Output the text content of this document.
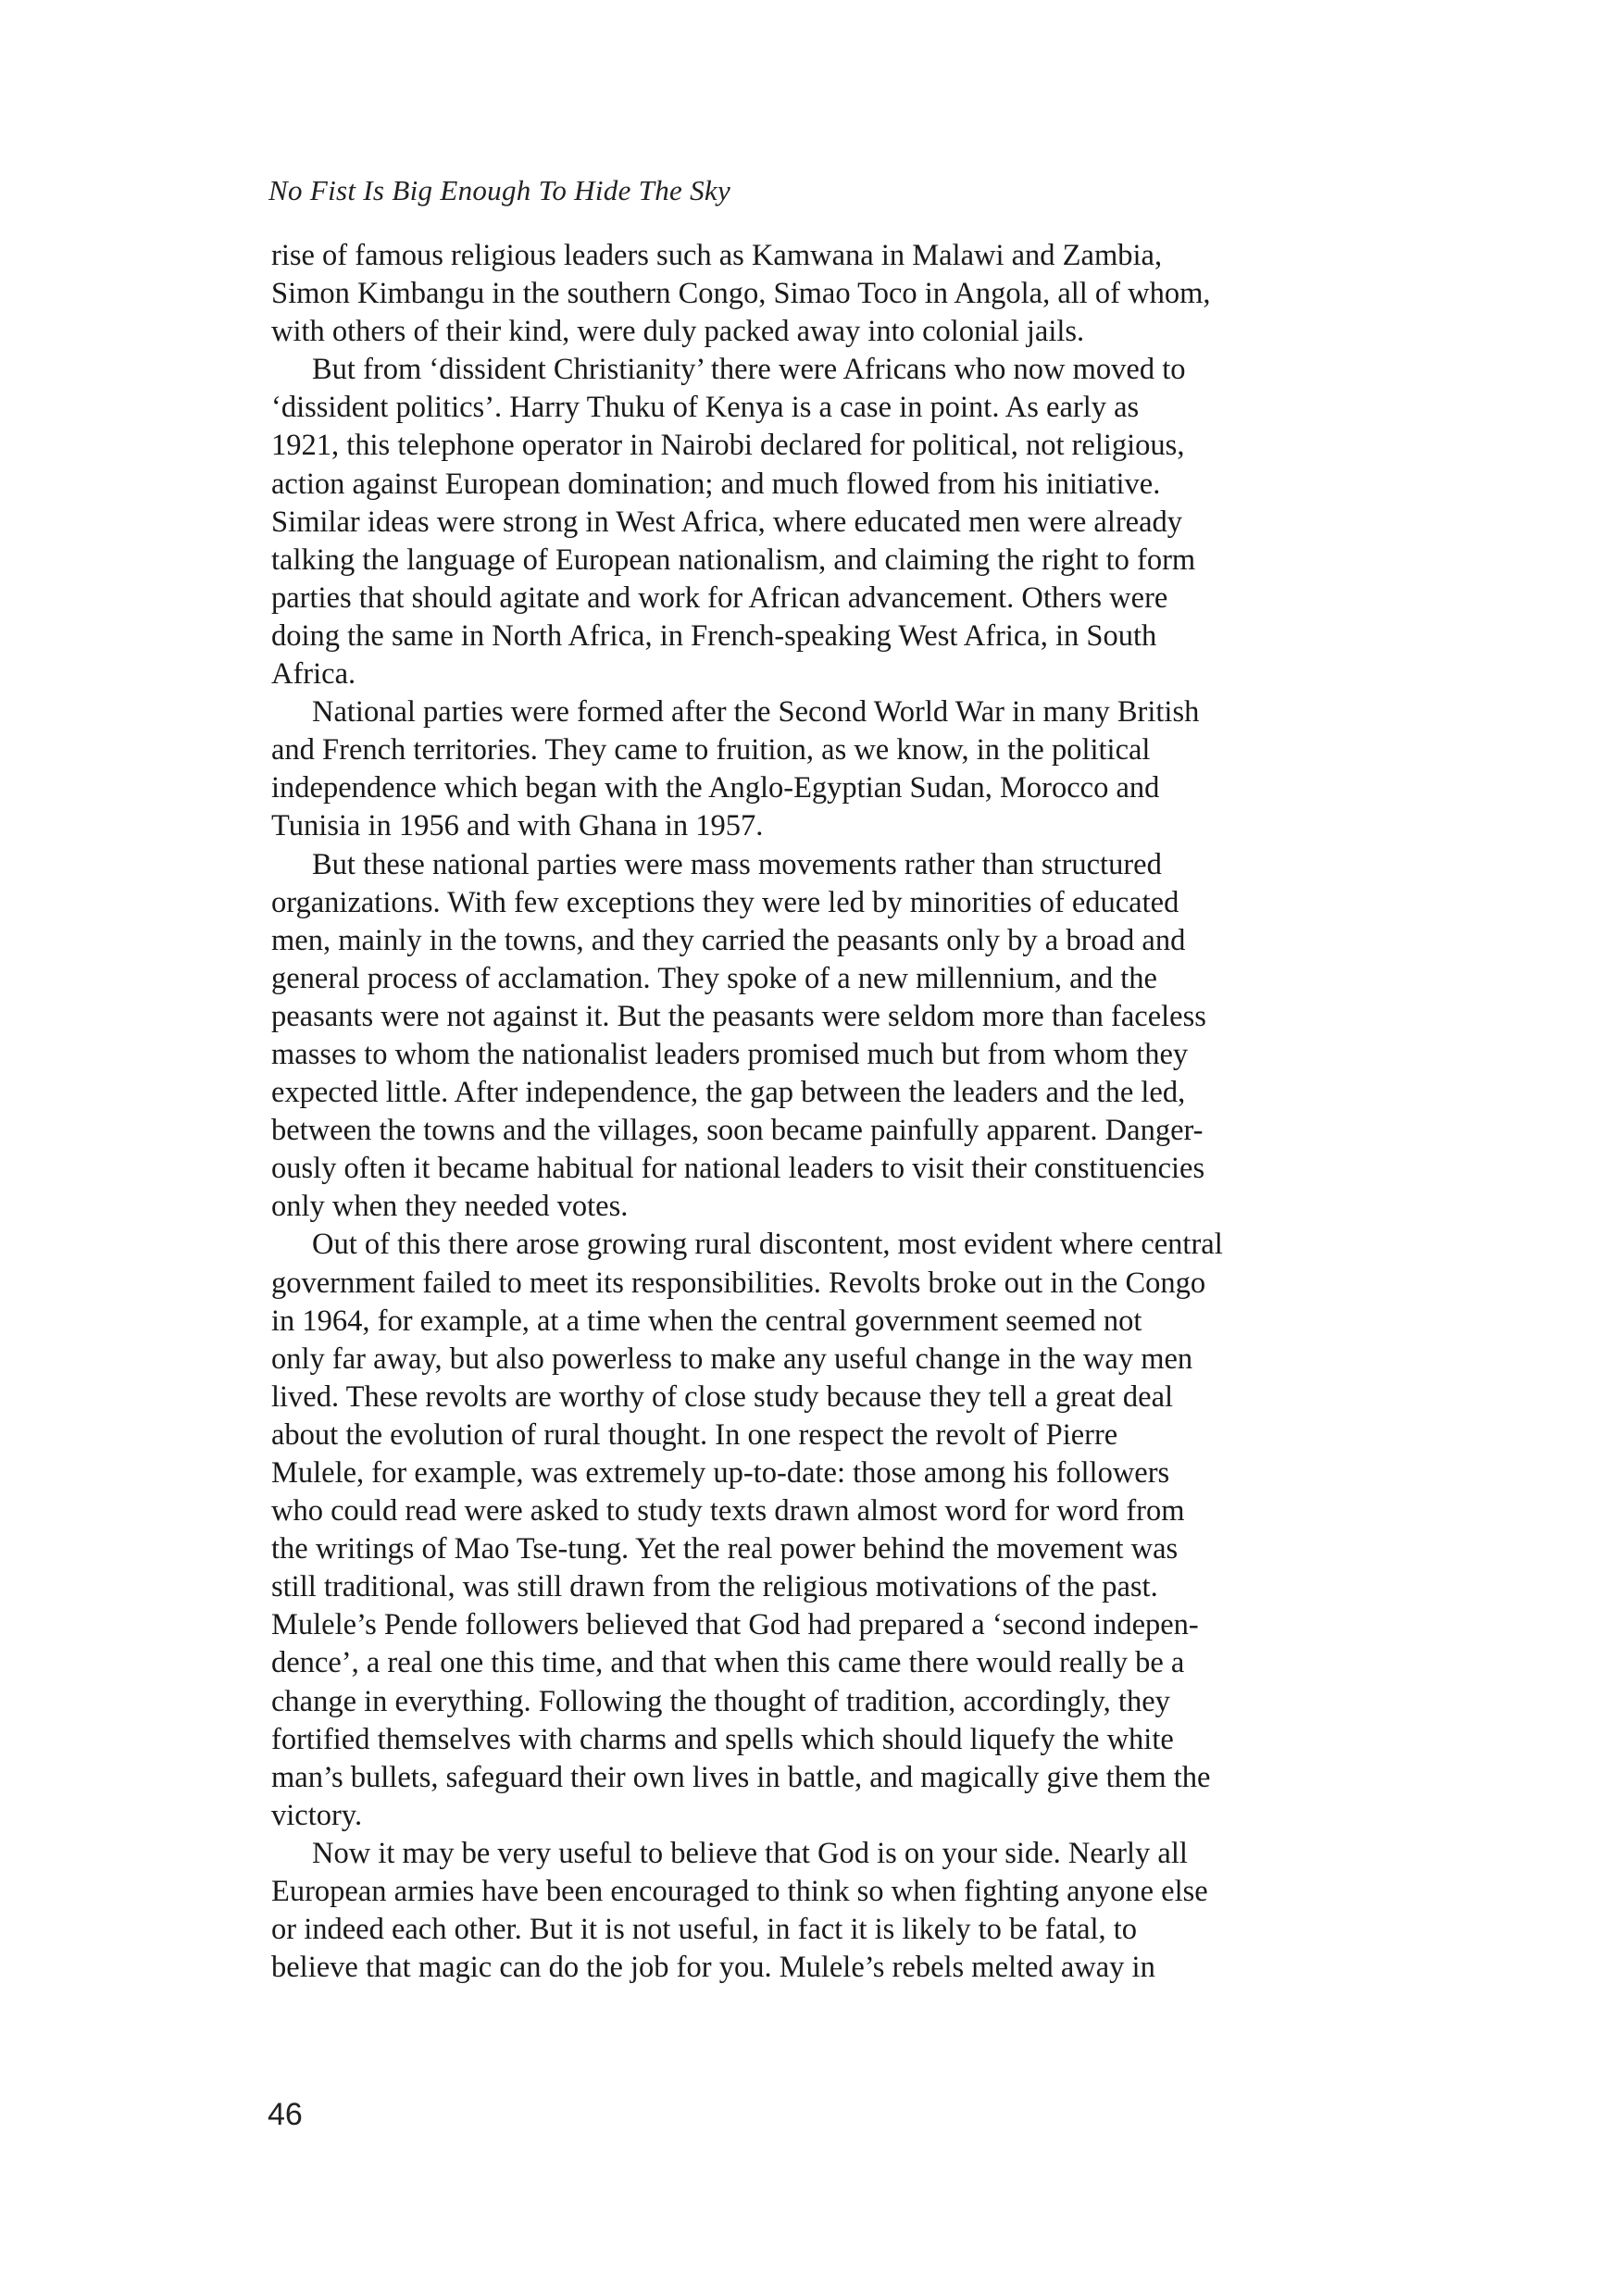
No Fist Is Big Enough To Hide The Sky
rise of famous religious leaders such as Kamwana in Malawi and Zambia,
Simon Kimbangu in the southern Congo, Simao Toco in Angola, all of whom,
with others of their kind, were duly packed away into colonial jails.
But from ‘dissident Christianity’ there were Africans who now moved to
‘dissident politics’. Harry Thuku of Kenya is a case in point. As early as
1921, this telephone operator in Nairobi declared for political, not religious,
action against European domination; and much flowed from his initiative.
Similar ideas were strong in West Africa, where educated men were already
talking the language of European nationalism, and claiming the right to form
parties that should agitate and work for African advancement. Others were
doing the same in North Africa, in French-speaking West Africa, in South
Africa.
National parties were formed after the Second World War in many British
and French territories. They came to fruition, as we know, in the political
independence which began with the Anglo-Egyptian Sudan, Morocco and
Tunisia in 1956 and with Ghana in 1957.
But these national parties were mass movements rather than structured
organizations. With few exceptions they were led by minorities of educated
men, mainly in the towns, and they carried the peasants only by a broad and
general process of acclamation. They spoke of a new millennium, and the
peasants were not against it. But the peasants were seldom more than faceless
masses to whom the nationalist leaders promised much but from whom they
expected little. After independence, the gap between the leaders and the led,
between the towns and the villages, soon became painfully apparent. Danger-
ously often it became habitual for national leaders to visit their constituencies
only when they needed votes.
Out of this there arose growing rural discontent, most evident where central
government failed to meet its responsibilities. Revolts broke out in the Congo
in 1964, for example, at a time when the central government seemed not
only far away, but also powerless to make any useful change in the way men
lived. These revolts are worthy of close study because they tell a great deal
about the evolution of rural thought. In one respect the revolt of Pierre
Mulele, for example, was extremely up-to-date: those among his followers
who could read were asked to study texts drawn almost word for word from
the writings of Mao Tse-tung. Yet the real power behind the movement was
still traditional, was still drawn from the religious motivations of the past.
Mulele’s Pende followers believed that God had prepared a ‘second indepen-
dence’, a real one this time, and that when this came there would really be a
change in everything. Following the thought of tradition, accordingly, they
fortified themselves with charms and spells which should liquefy the white
man’s bullets, safeguard their own lives in battle, and magically give them the
victory.
Now it may be very useful to believe that God is on your side. Nearly all
European armies have been encouraged to think so when fighting anyone else
or indeed each other. But it is not useful, in fact it is likely to be fatal, to
believe that magic can do the job for you. Mulele’s rebels melted away in
46
